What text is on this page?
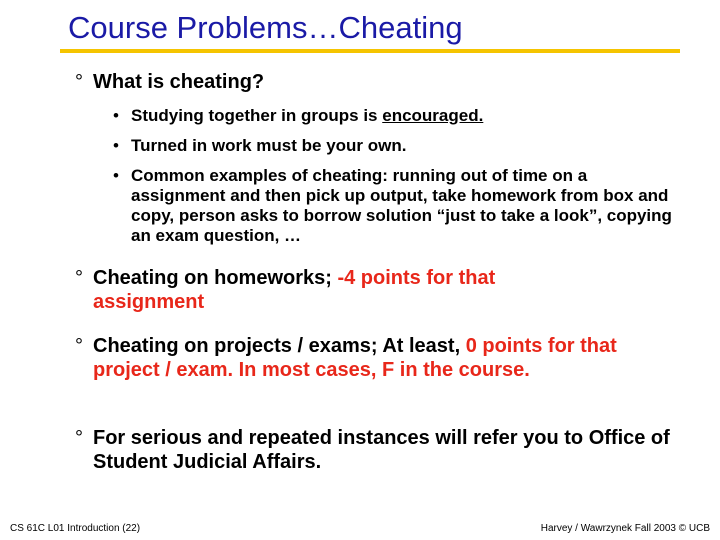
Course Problems…Cheating
° What is cheating?
• Studying together in groups is encouraged.
• Turned in work must be your own.
• Common examples of cheating: running out of time on a assignment and then pick up output, take homework from box and copy, person asks to borrow solution “just to take a look”, copying an exam question, …
° Cheating on homeworks; -4 points for that assignment
° Cheating on projects / exams; At least, 0 points for that project / exam. In most cases, F in the course.
° For serious and repeated instances will refer you to Office of Student Judicial Affairs.
CS 61C L01 Introduction (22)	Harvey / Wawrzynek Fall 2003 © UCB
